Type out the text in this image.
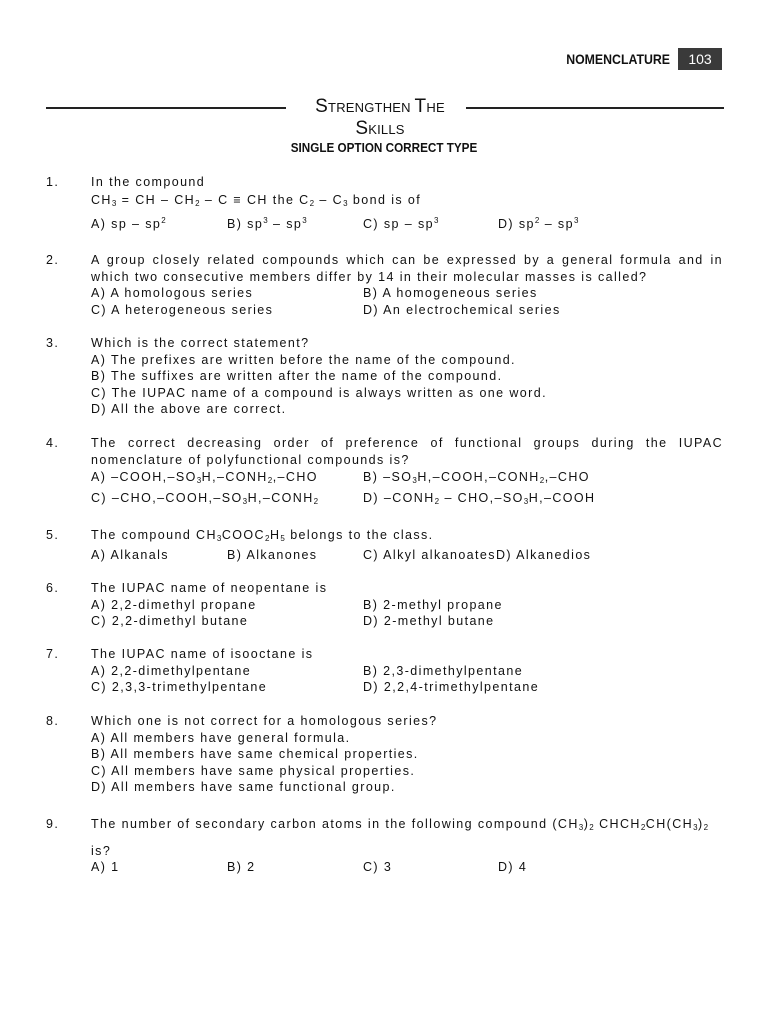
NOMENCLATURE	103
STRENGTHEN THE SKILLS
SINGLE OPTION CORRECT TYPE
1.	In the compound
$CH_3$ = CH – $CH_2$ – C ≡ CH the $C_2 - C_3$ bond is of
A) sp – $sp^2$	B) $sp^3 - sp^3$	C) sp – $sp^3$	D) $sp^2 - sp^3$
2.	A group closely related compounds which can be expressed by a general formula and in which two consecutive members differ by 14 in their molecular masses is called?
A) A homologous series	B) A homogeneous series
C) A heterogeneous series	D) An electrochemical series
3.	Which is the correct statement?
A) The prefixes are written before the name of the compound.
B) The suffixes are written after the name of the compound.
C) The IUPAC name of a compound is always written as one word.
D) All the above are correct.
4.	The correct decreasing order of preference of functional groups during the IUPAC nomenclature of polyfunctional compounds is?
A) $-COOH,-SO_3H,-CONH_2$,–CHO	B) $-SO_3H,-COOH,-CONH_2$,–CHO
C) $-CHO,-COOH,-SO_3H,-CONH_2$	D) $-CONH_2$ – $CHO,-SO_3H$,–COOH
5.	The compound $CH_3COOC_2H_5$ belongs to the class.
A) Alkanals	B) Alkanones	C) Alkyl alkanoates D) Alkanedios
6.	The IUPAC name of neopentane is
A) 2,2-dimethyl propane	B) 2-methyl propane
C) 2,2-dimethyl butane	D) 2-methyl butane
7.	The IUPAC name of isooctane is
A) 2,2-dimethylpentane	B) 2,3-dimethylpentane
C) 2,3,3-trimethylpentane	D) 2,2,4-trimethylpentane
8.	Which one is not correct for a homologous series?
A) All members have general formula.
B) All members have same chemical properties.
C) All members have same physical properties.
D) All members have same functional group.
9.	The number of secondary carbon atoms in the following compound $(CH_3)_2$ $CHCH_2CH(CH_3)_2$
is?
A) 1	B) 2	C) 3	D) 4
